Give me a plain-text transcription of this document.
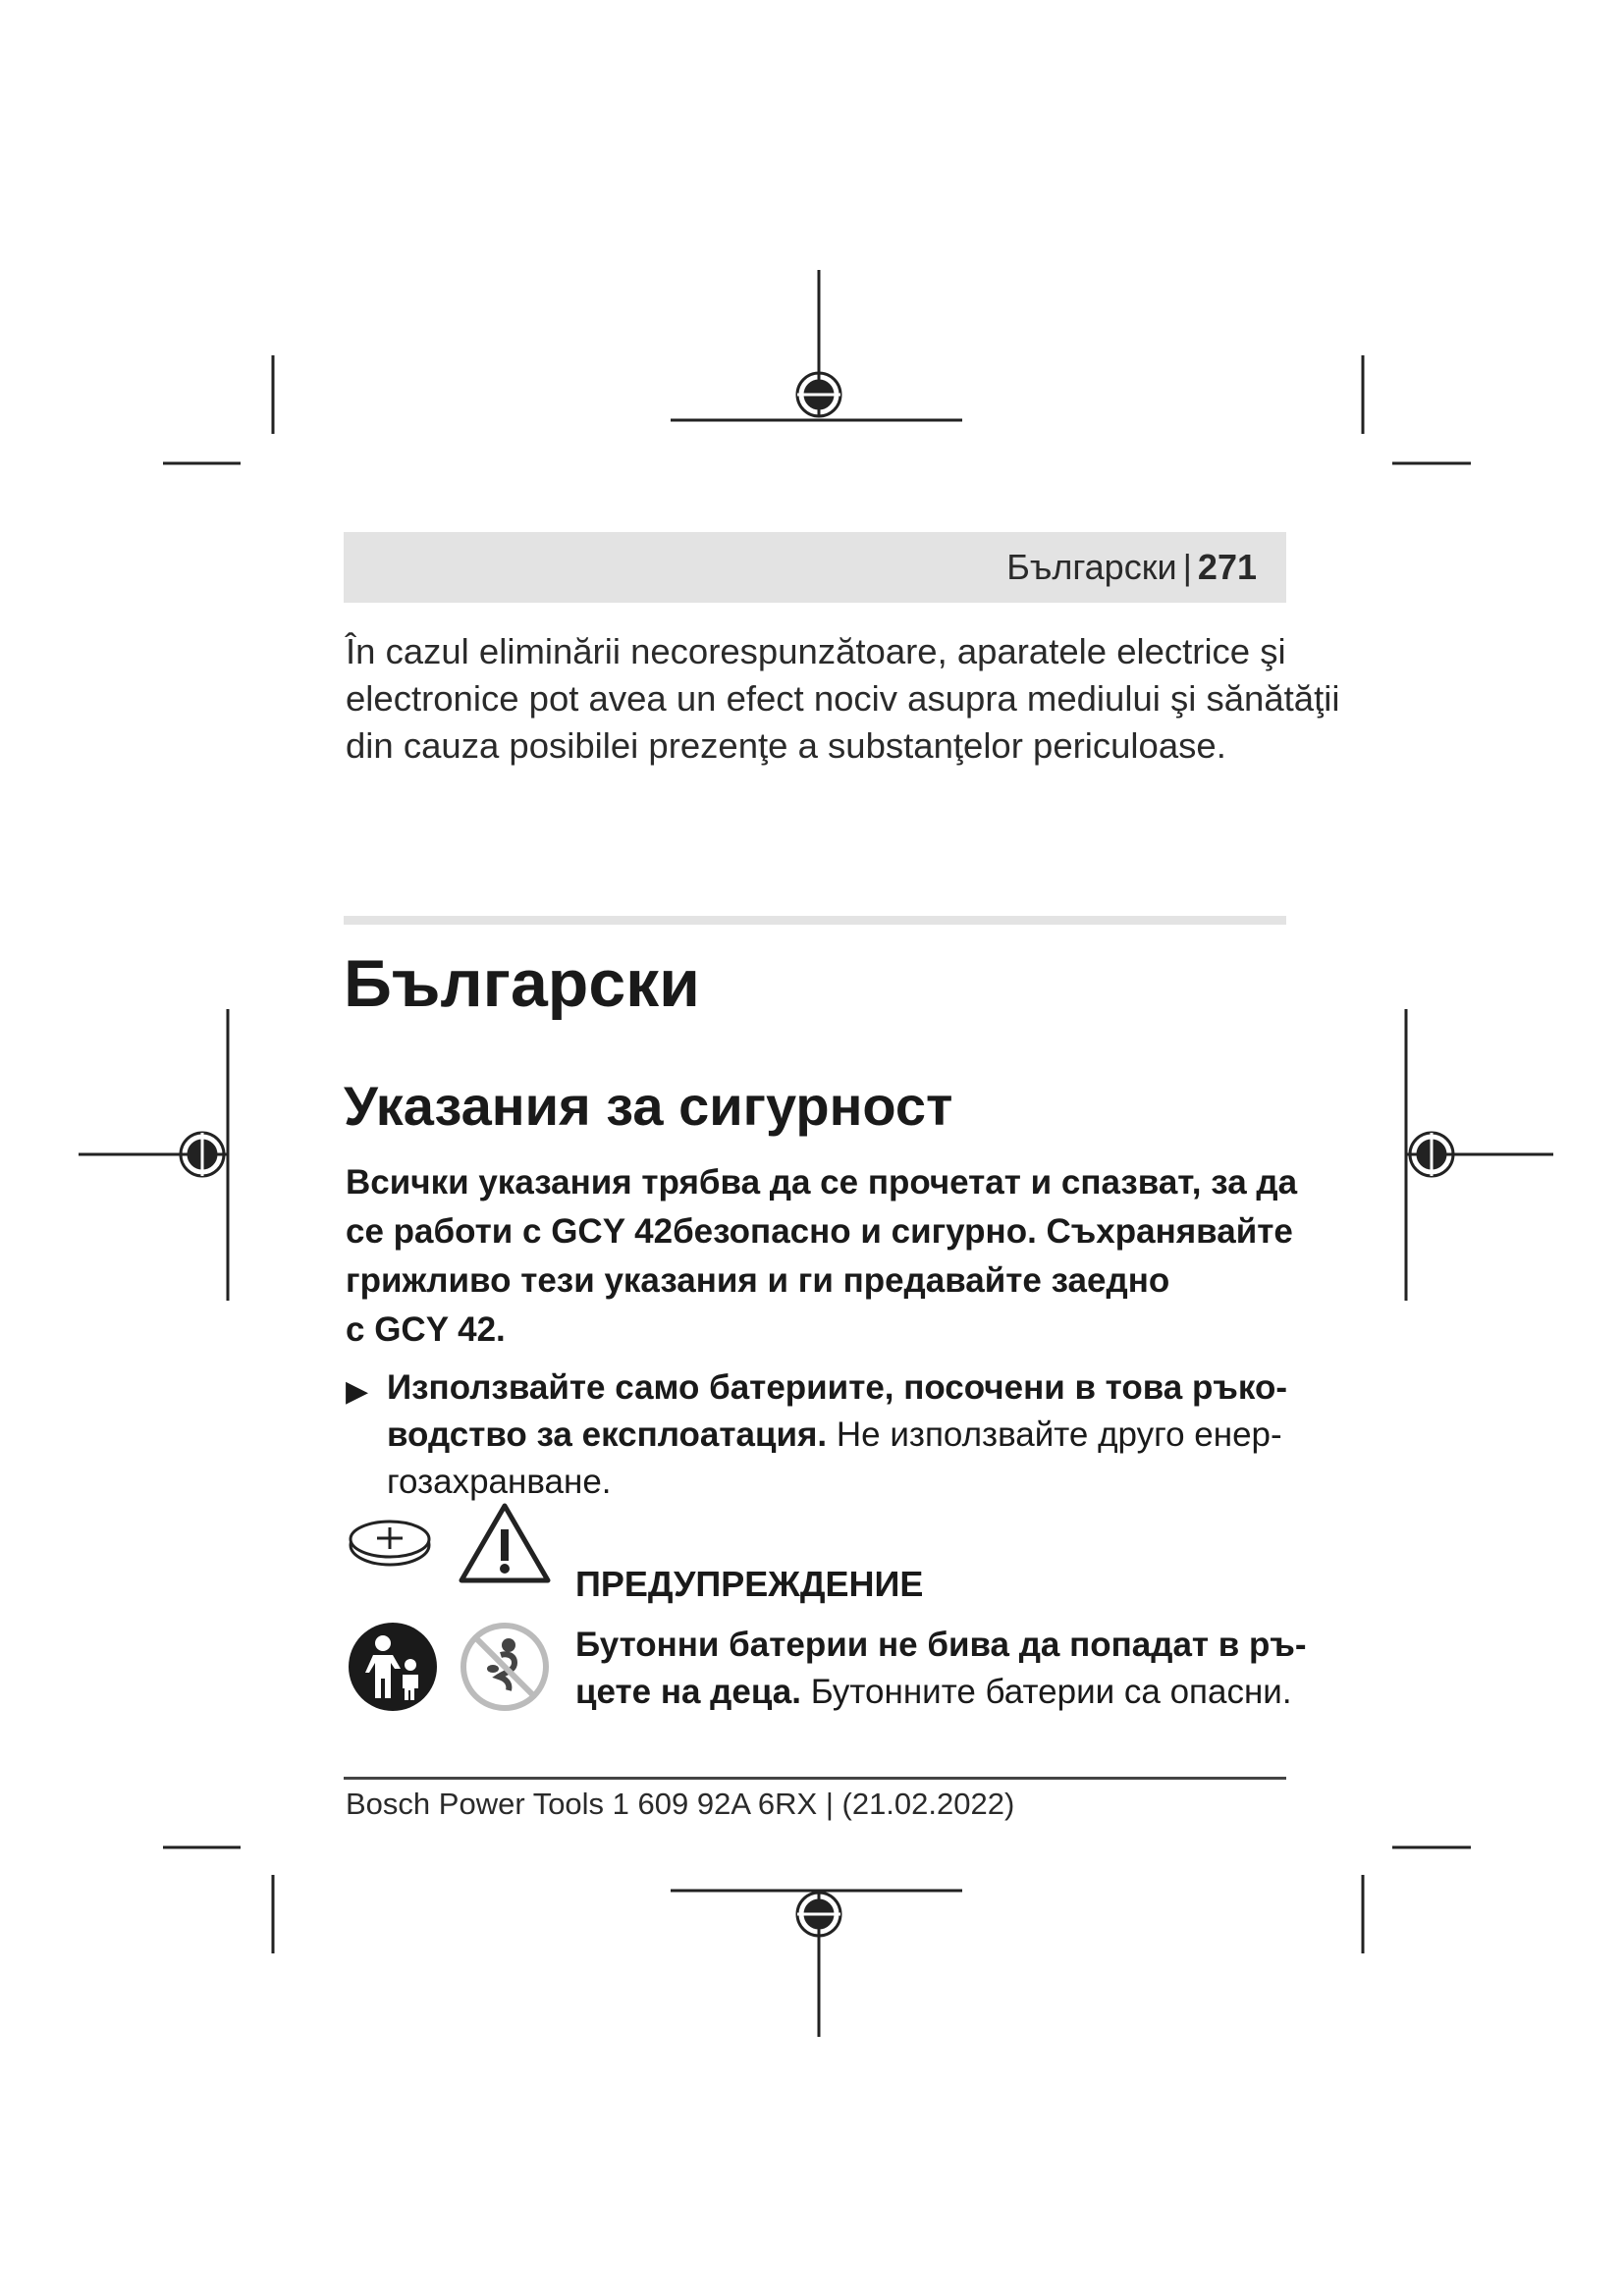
Български | 271

În cazul eliminării necorespunzătoare, aparatele electrice şi

electronice pot avea un efect nociv asupra mediului şi sănătăţii

din cauza posibilei prezenţe a substanţelor periculoase.

Български
Указания за сигурност

Всички указания трябва да се прочетат и спазват, за да

се работи с GCY 42безопасно и сигурно. Съхранявайте

грижливо тези указания и ги предавайте заедно

с GCY 42.

▶ Използвайте само батериите, посочени в това ръко-

водство за експлоатация. Не използвайте друго енер-

гозахранване.

ПРЕДУПРЕЖДЕНИЕ

Бутонни батерии не бива да попадат в ръ-

цете на деца. Бутонните батерии са опасни.

Bosch Power Tools 1 609 92A 6RX | (21.02.2022)
